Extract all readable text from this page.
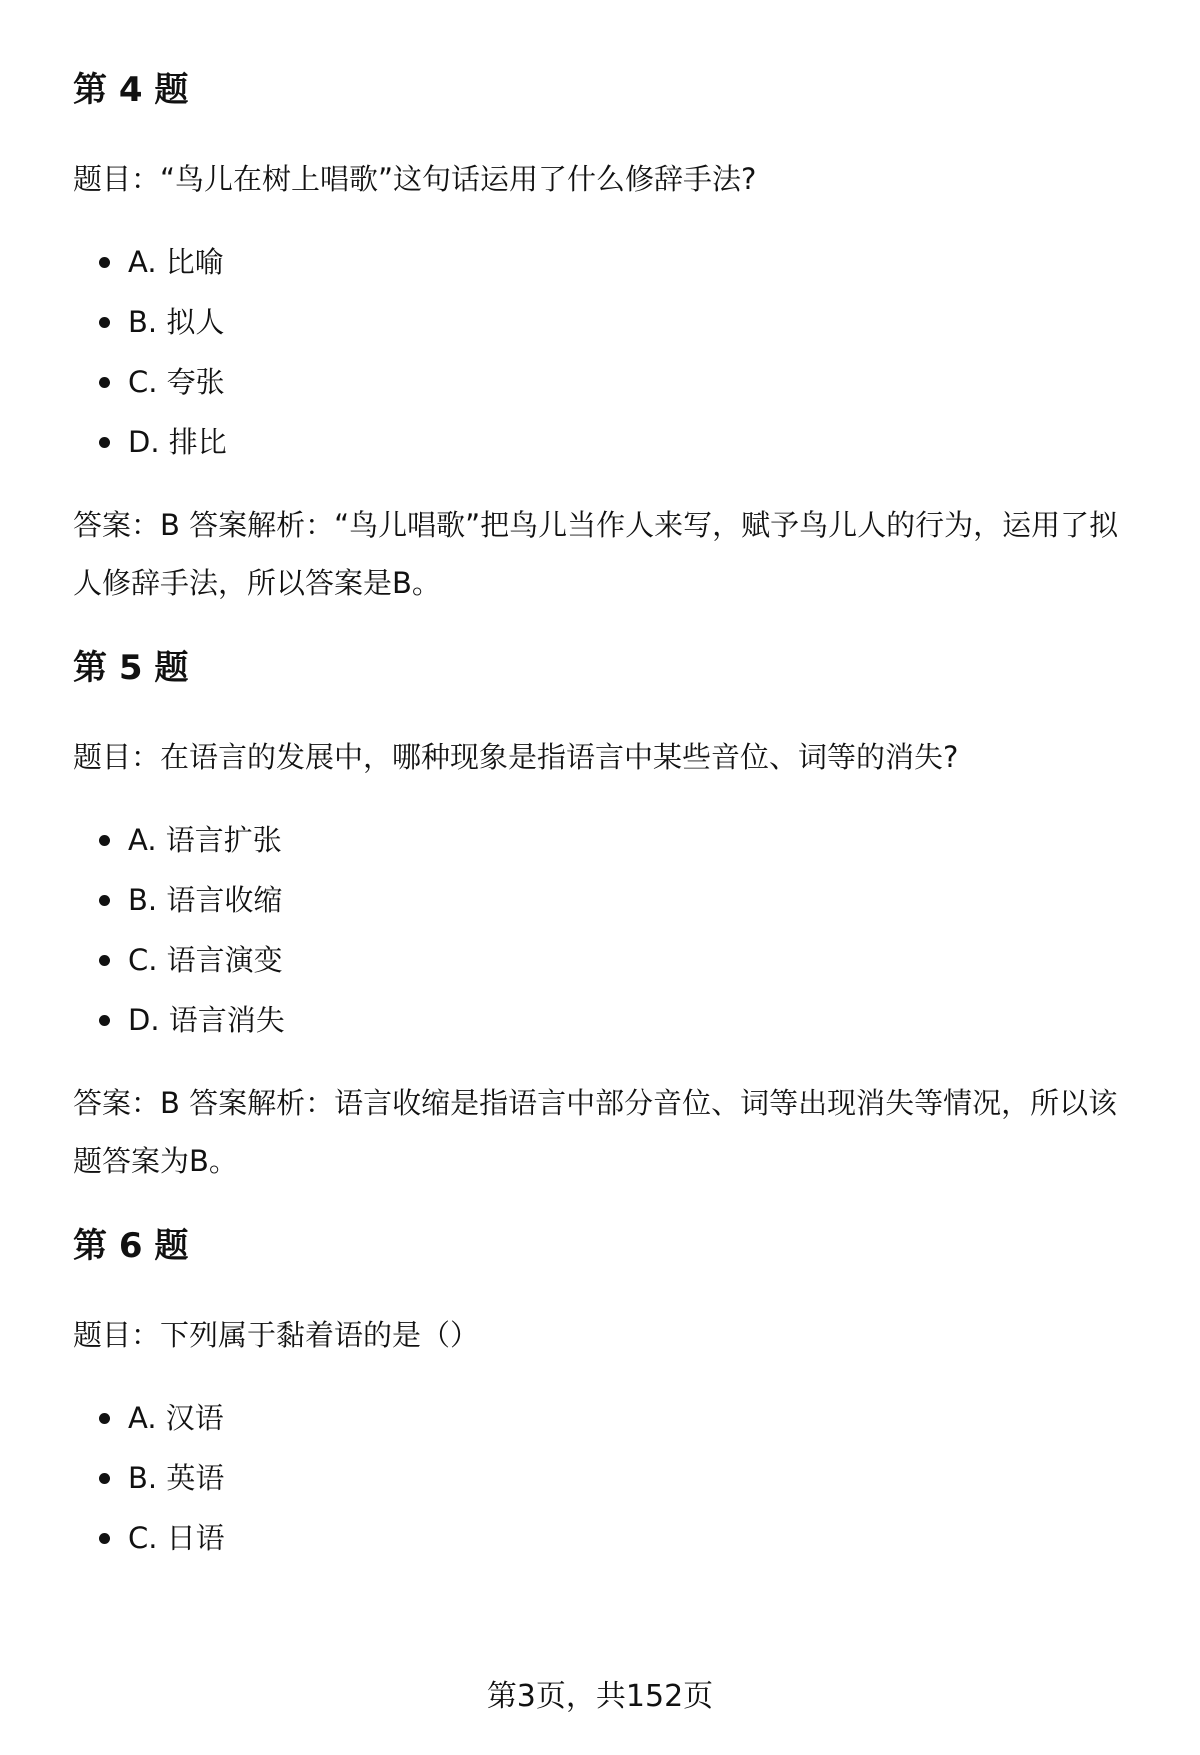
第 4 题

题目：“鸟儿在树上唱歌”这句话运用了什么修辞手法?

A. 比喻
B. 拟人
C. 夸张
D. 排比

答案：B 答案解析：“鸟儿唱歌”把鸟儿当作人来写，赋予鸟儿人的行为，运用了拟人修辞手法，所以答案是B。

第 5 题

题目：在语言的发展中，哪种现象是指语言中某些音位、词等的消失?

A. 语言扩张
B. 语言收缩
C. 语言演变
D. 语言消失

答案：B 答案解析：语言收缩是指语言中部分音位、词等出现消失等情况，所以该题答案为B。

第 6 题

题目：下列属于黏着语的是（）

A. 汉语
B. 英语
C. 日语
第3页，共152页
